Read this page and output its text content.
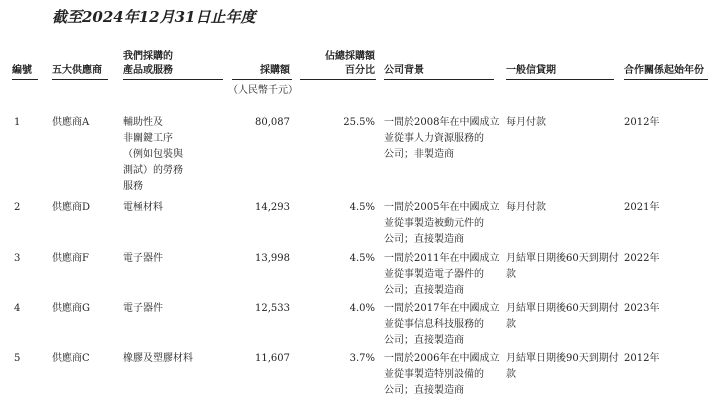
截至2024年12月31日止年度
編號 五大供應商
我們採購的
產品或服務	採購額
佔總採購額
百分比 公司背景	一般信貸期	合作關係起始年份
（人民幣千元）
1	供應商A	輔助性及
非關鍵工序
（例如包裝與
測試）的勞務
服務
80,087	25.5% 一間於2008年在中國成立
並從事人力資源服務的
公司；非製造商
每月付款	2012年
2	供應商D	電極材料	14,293	4.5% 一間於2005年在中國成立
並從事製造被動元件的
公司；直接製造商
每月付款	2021年
3	供應商F	電子器件	13,998	4.5% 一間於2011年在中國成立
並從事製造電子器件的
公司；直接製造商
月結單日期後60天到期付
款
2022年
4	供應商G	電子器件	12,533	4.0% 一間於2017年在中國成立
並從事信息科技服務的
公司；直接製造商
月結單日期後60天到期付
款
2023年
5	供應商C	橡膠及塑膠材料	11,607	3.7% 一間於2006年在中國成立
並從事製造特別設備的
公司；直接製造商
月結單日期後90天到期付
款
2012年
